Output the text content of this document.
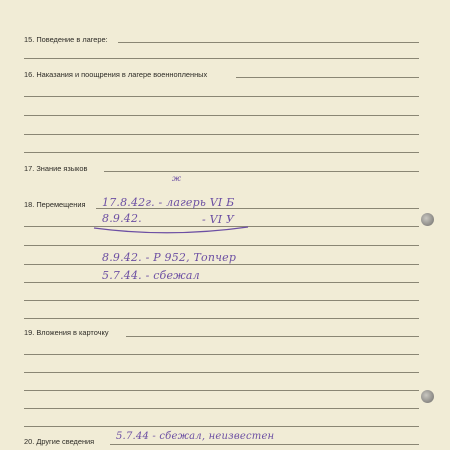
15. Поведение в лагере:
16. Наказания и поощрения в лагере военнопленных
17. Знание языков
ж
18. Перемещения 17.8.42г. - лагерь VI Б
8.9.42.	- VI У
8.9.42. - Р 952, Топчер
5.7.44. - сбежал
19. Вложения в карточку
20. Другие сведения 5.7.44 - сбежал, неизвестен
